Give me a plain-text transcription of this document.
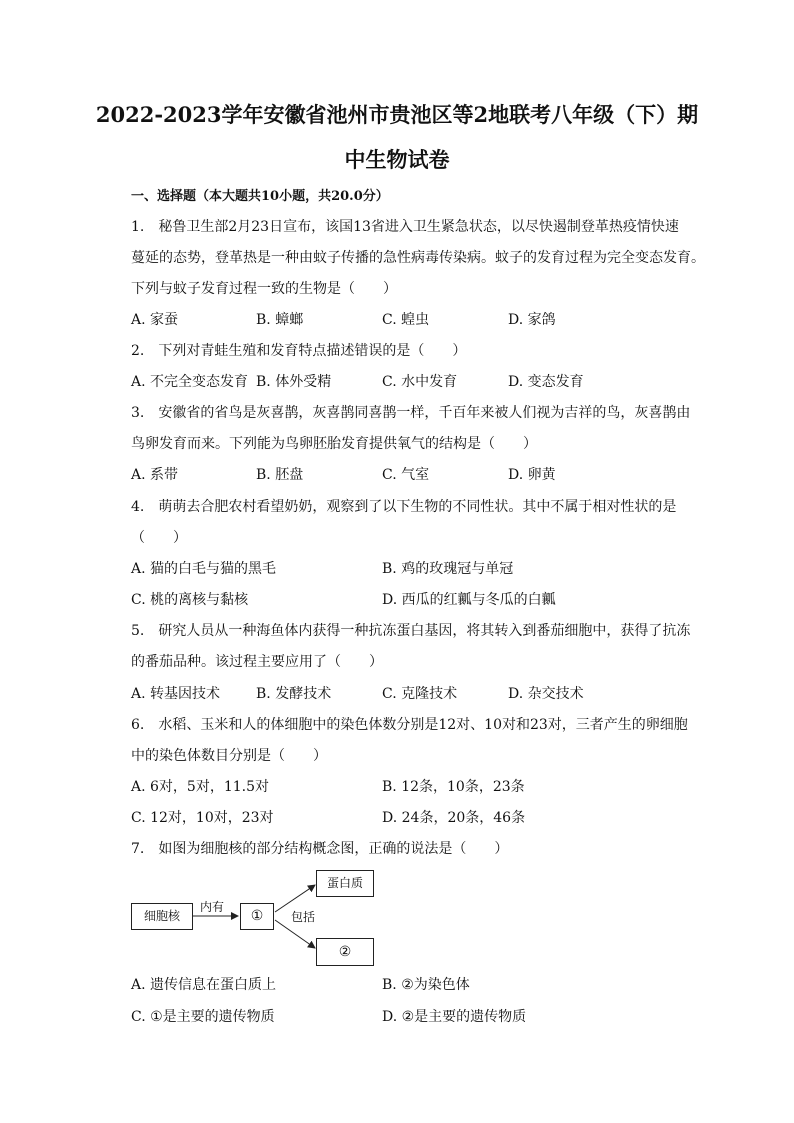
2022-2023学年安徽省池州市贵池区等2地联考八年级（下）期
中生物试卷
一、选择题（本大题共10小题，共20.0分）
1.　秘鲁卫生部2月23日宣布，该国13省进入卫生紧急状态，以尽快遏制登革热疫情快速
蔓延的态势，登革热是一种由蚊子传播的急性病毒传染病。蚊子的发育过程为完全变态发育。
下列与蚊子发育过程一致的生物是（　　）
A. 家蚕	B. 蟑螂	C. 蝗虫	D. 家鸽
2.　下列对青蛙生殖和发育特点描述错误的是（　　）
A. 不完全变态发育 B. 体外受精	C. 水中发育	D. 变态发育
3.　安徽省的省鸟是灰喜鹊，灰喜鹊同喜鹊一样，千百年来被人们视为吉祥的鸟，灰喜鹊由
鸟卵发育而来。下列能为鸟卵胚胎发育提供氧气的结构是（　　）
A. 系带	B. 胚盘	C. 气室	D. 卵黄
4.　萌萌去合肥农村看望奶奶，观察到了以下生物的不同性状。其中不属于相对性状的是
（　　）
A. 猫的白毛与猫的黑毛	B. 鸡的玫瑰冠与单冠
C. 桃的离核与黏核	D. 西瓜的红瓤与冬瓜的白瓤
5.　研究人员从一种海鱼体内获得一种抗冻蛋白基因，将其转入到番茄细胞中，获得了抗冻
的番茄品种。该过程主要应用了（　　）
A. 转基因技术	B. 发酵技术	C. 克隆技术	D. 杂交技术
6.　水稻、玉米和人的体细胞中的染色体数分别是12对、10对和23对，三者产生的卵细胞
中的染色体数目分别是（　　）
A. 6对，5对，11.5对	B. 12条，10条，23条
C. 12对，10对，23对	D. 24条，20条，46条
7.　如图为细胞核的部分结构概念图，正确的说法是（　　）
细胞核
内有
①	包括
蛋白质
②
A. 遗传信息在蛋白质上	B. ②为染色体
C. ①是主要的遗传物质	D. ②是主要的遗传物质
